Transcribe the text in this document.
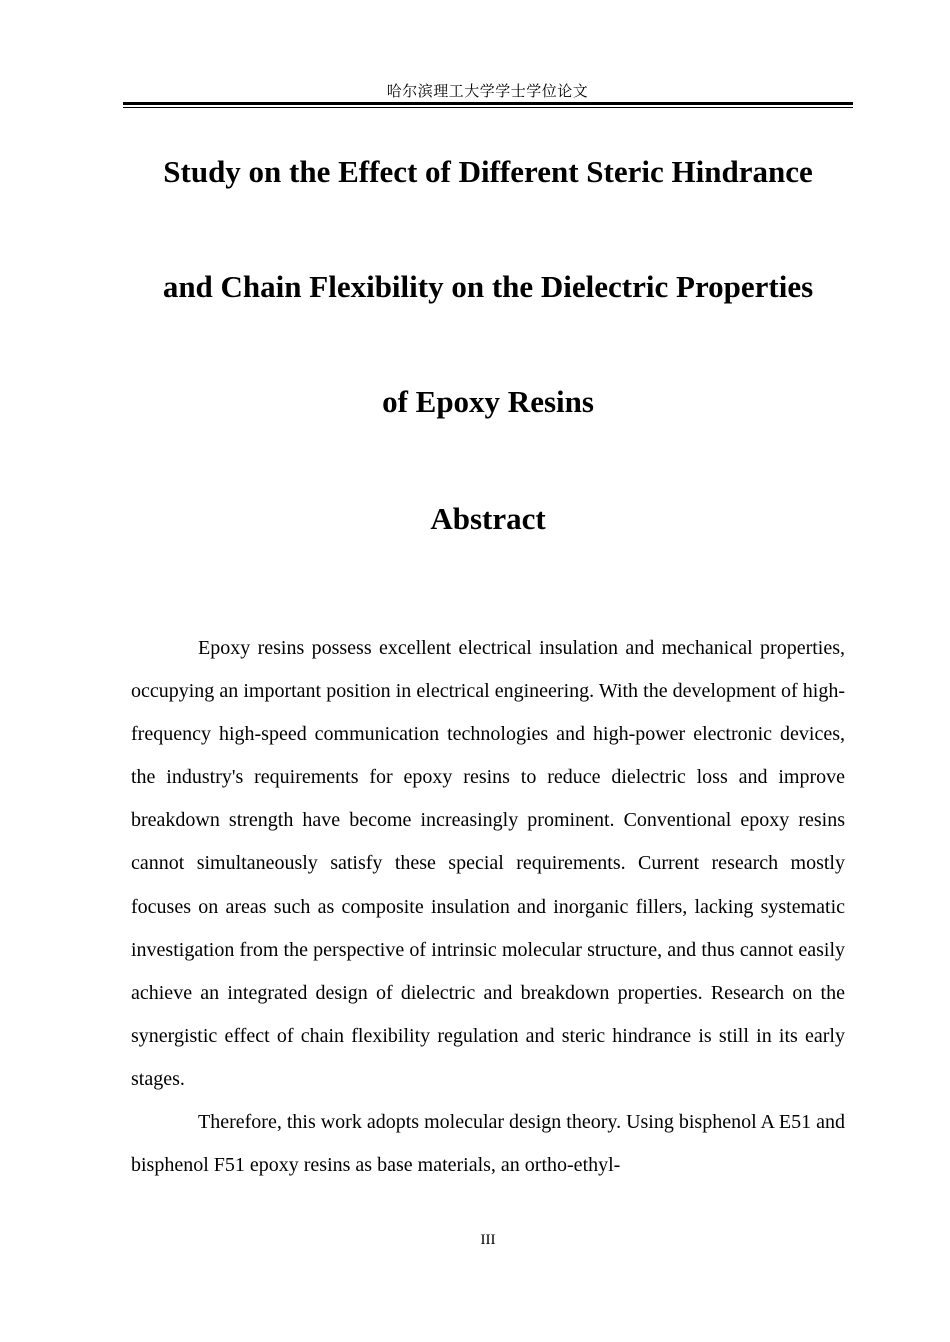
哈尔滨理工大学学士学位论文
Study on the Effect of Different Steric Hindrance
and Chain Flexibility on the Dielectric Properties
of Epoxy Resins
Abstract

Epoxy resins possess excellent electrical insulation and mechanical properties, occupying an important position in electrical engineering. With the development of high-frequency high-speed communication technologies and high-power electronic devices, the industry's requirements for epoxy resins to reduce dielectric loss and improve breakdown strength have become increasingly prominent. Conventional epoxy resins cannot simultaneously satisfy these special requirements. Current research mostly focuses on areas such as composite insulation and inorganic fillers, lacking systematic investigation from the perspective of intrinsic molecular structure, and thus cannot easily achieve an integrated design of dielectric and breakdown properties. Research on the synergistic effect of chain flexibility regulation and steric hindrance is still in its early stages.

Therefore, this work adopts molecular design theory. Using bisphenol A E51 and bisphenol F51 epoxy resins as base materials, an ortho-ethyl-

III
